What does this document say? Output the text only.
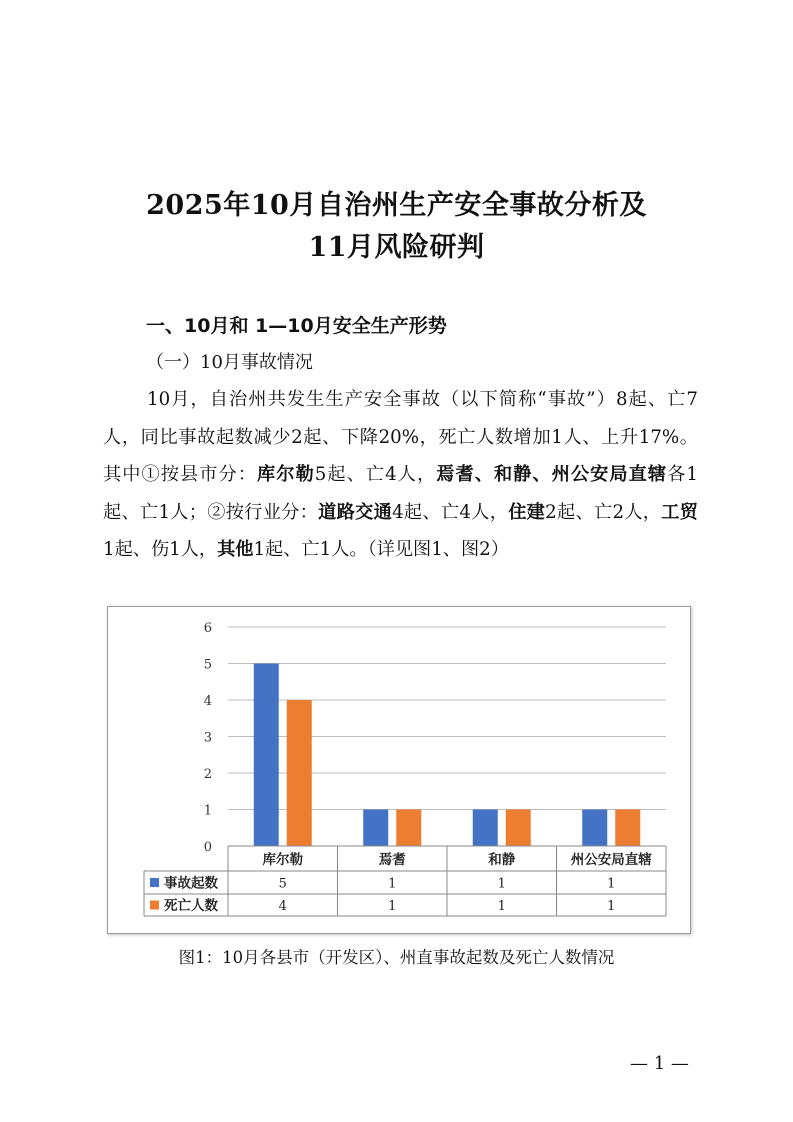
2025年10月自治州生产安全事故分析及
11月风险研判
一、10月和 1—10月安全生产形势
（一）10月事故情况

10月，自治州共发生生产安全事故（以下简称“事故”）8起、亡7人，同比事故起数减少2起、下降20%，死亡人数增加1人、上升17%。其中①按县市分：库尔勒5起、亡4人，焉耆、和静、州公安局直辖各1起、亡1人；②按行业分：道路交通4起、亡4人，住建2起、亡2人，工贸1起、伤1人，其他1起、亡1人。（详见图1、图2）

0
1
2
3
4
5
6
库尔勒	焉耆	和静	州公安局直辖
事故起数	5	1	1	1
死亡人数	4	1	1	1
图1：10月各县市（开发区）、州直事故起数及死亡人数情况
— 1 —
